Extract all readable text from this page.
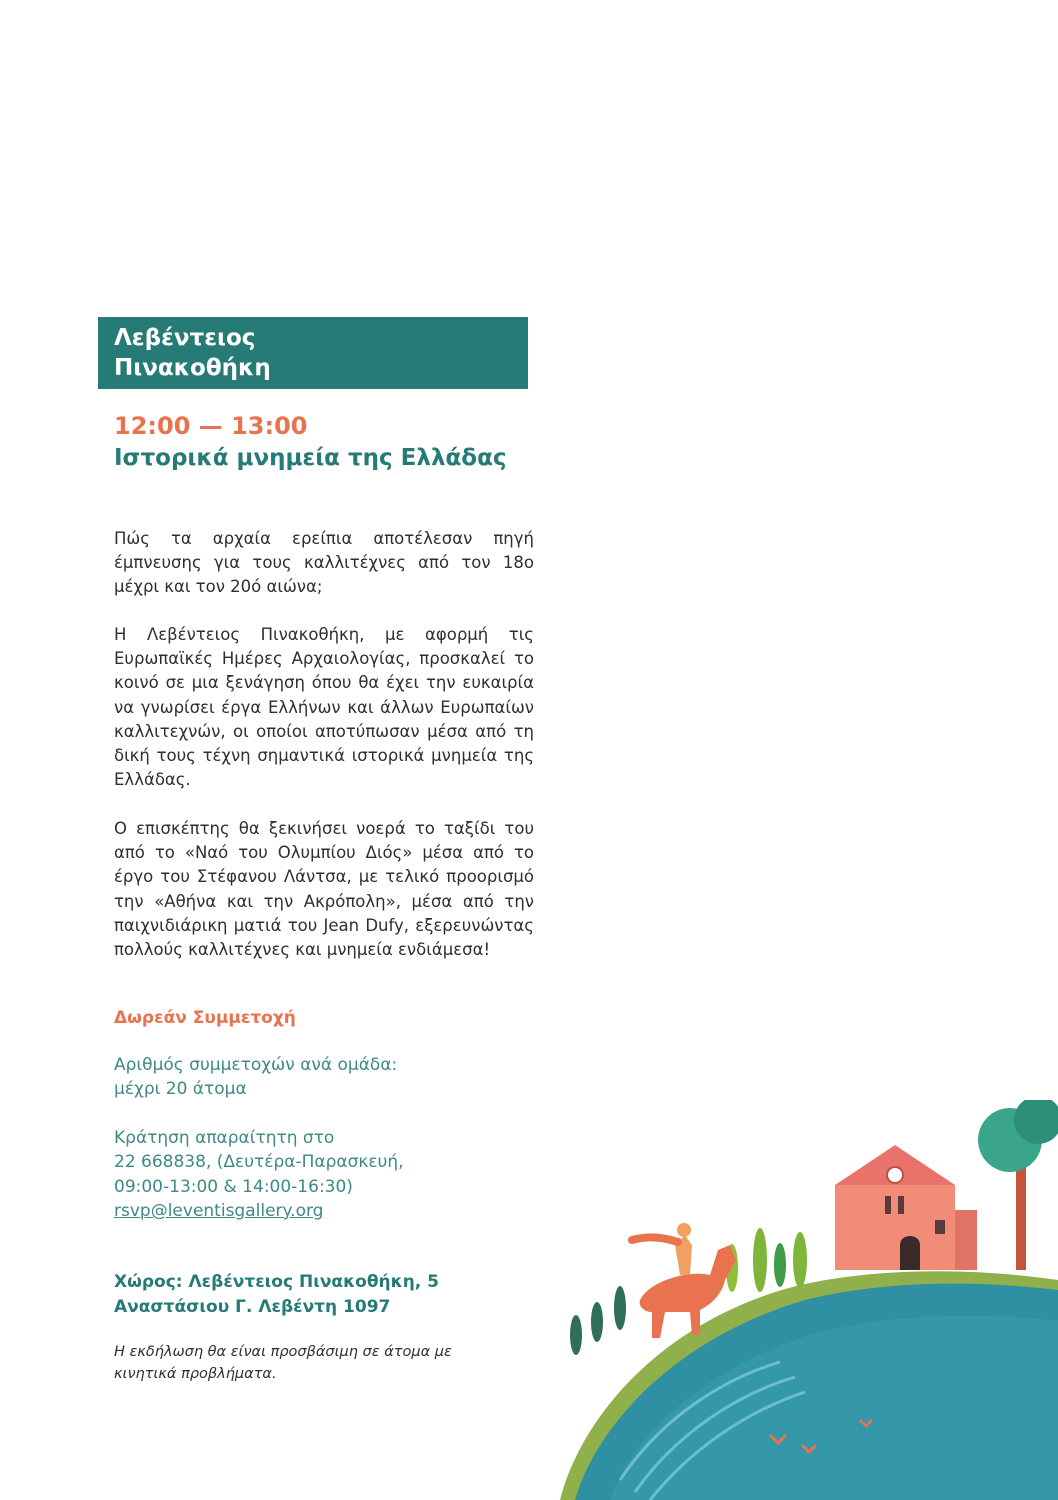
Λεβέντειος
Πινακοθήκη

12:00 — 13:00

Ιστορικά μνημεία της Ελλάδας

Πώς τα αρχαία ερείπια αποτέλεσαν πηγή έμπνευσης για τους καλλιτέχνες από τον 18ο μέχρι και τον 20ό αιώνα;

Η Λεβέντειος Πινακοθήκη, με αφορμή τις Ευρωπαϊκές Ημέρες Αρχαιολογίας, προσκαλεί το κοινό σε μια ξενάγηση όπου θα έχει την ευκαιρία να γνωρίσει έργα Ελλήνων και άλλων Ευρωπαίων καλλιτεχνών, οι οποίοι αποτύπωσαν μέσα από τη δική τους τέχνη σημαντικά ιστορικά μνημεία της Ελλάδας.

Ο επισκέπτης θα ξεκινήσει νοερά το ταξίδι του από το «Ναό του Ολυμπίου Διός» μέσα από το έργο του Στέφανου Λάντσα, με τελικό προορισμό την «Αθήνα και την Ακρόπολη», μέσα από την παιχνιδιάρικη ματιά του Jean Dufy, εξερευνώντας πολλούς καλλιτέχνες και μνημεία ενδιάμεσα!

Δωρεάν Συμμετοχή

Αριθμός συμμετοχών ανά ομάδα:
μέχρι 20 άτομα

Κράτηση απαραίτητη στο
22 668838, (Δευτέρα-Παρασκευή,
09:00-13:00 & 14:00-16:30)
rsvp@leventisgallery.org

Χώρος: Λεβέντειος Πινακοθήκη, 5
Αναστάσιου Γ. Λεβέντη 1097

Η εκδήλωση θα είναι προσβάσιμη σε άτομα με
κινητικά προβλήματα.
